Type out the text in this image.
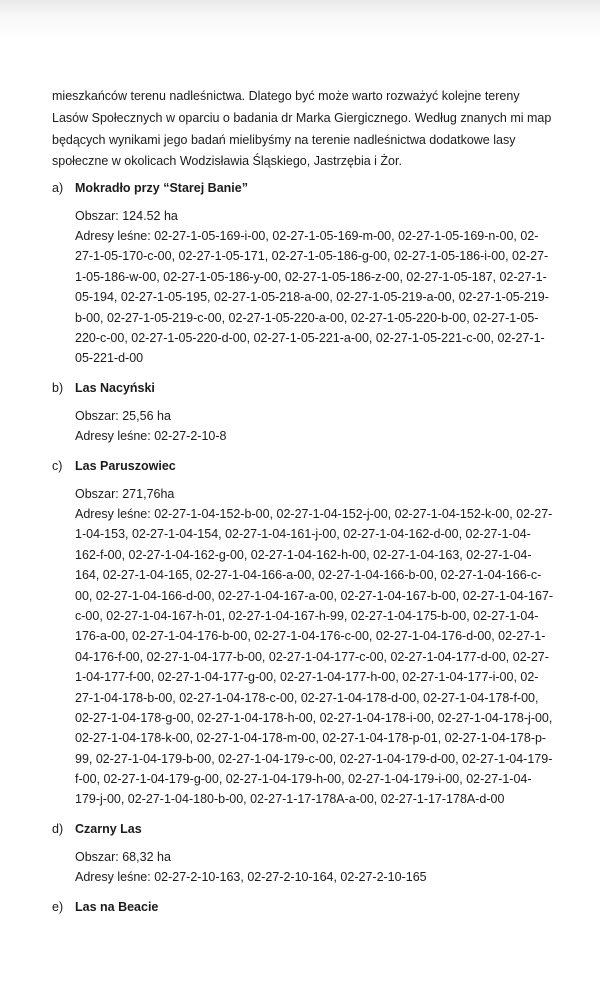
mieszkańców terenu nadleśnictwa. Dlatego być może warto rozważyć kolejne tereny
Lasów Społecznych w oparciu o badania dr Marka Giergicznego. Według znanych mi map
będących wynikami jego badań mielibyśmy na terenie nadleśnictwa dodatkowe lasy
społeczne w okolicach Wodzisławia Śląskiego, Jastrzębia i Żor.
a) Mokradło przy “Starej Banie”
Obszar: 124.52 ha
Adresy leśne: 02-27-1-05-169-i-00, 02-27-1-05-169-m-00, 02-27-1-05-169-n-00, 02-
27-1-05-170-c-00, 02-27-1-05-171, 02-27-1-05-186-g-00, 02-27-1-05-186-i-00, 02-27-
1-05-186-w-00, 02-27-1-05-186-y-00, 02-27-1-05-186-z-00, 02-27-1-05-187, 02-27-1-
05-194, 02-27-1-05-195, 02-27-1-05-218-a-00, 02-27-1-05-219-a-00, 02-27-1-05-219-
b-00, 02-27-1-05-219-c-00, 02-27-1-05-220-a-00, 02-27-1-05-220-b-00, 02-27-1-05-
220-c-00, 02-27-1-05-220-d-00, 02-27-1-05-221-a-00, 02-27-1-05-221-c-00, 02-27-1-
05-221-d-00
b) Las Nacyński
Obszar: 25,56 ha
Adresy leśne: 02-27-2-10-8
c) Las Paruszowiec
Obszar: 271,76ha
Adresy leśne: 02-27-1-04-152-b-00, 02-27-1-04-152-j-00, 02-27-1-04-152-k-00, 02-27-
1-04-153, 02-27-1-04-154, 02-27-1-04-161-j-00, 02-27-1-04-162-d-00, 02-27-1-04-
162-f-00, 02-27-1-04-162-g-00, 02-27-1-04-162-h-00, 02-27-1-04-163, 02-27-1-04-
164, 02-27-1-04-165, 02-27-1-04-166-a-00, 02-27-1-04-166-b-00, 02-27-1-04-166-c-
00, 02-27-1-04-166-d-00, 02-27-1-04-167-a-00, 02-27-1-04-167-b-00, 02-27-1-04-167-
c-00, 02-27-1-04-167-h-01, 02-27-1-04-167-h-99, 02-27-1-04-175-b-00, 02-27-1-04-
176-a-00, 02-27-1-04-176-b-00, 02-27-1-04-176-c-00, 02-27-1-04-176-d-00, 02-27-1-
04-176-f-00, 02-27-1-04-177-b-00, 02-27-1-04-177-c-00, 02-27-1-04-177-d-00, 02-27-
1-04-177-f-00, 02-27-1-04-177-g-00, 02-27-1-04-177-h-00, 02-27-1-04-177-i-00, 02-
27-1-04-178-b-00, 02-27-1-04-178-c-00, 02-27-1-04-178-d-00, 02-27-1-04-178-f-00,
02-27-1-04-178-g-00, 02-27-1-04-178-h-00, 02-27-1-04-178-i-00, 02-27-1-04-178-j-00,
02-27-1-04-178-k-00, 02-27-1-04-178-m-00, 02-27-1-04-178-p-01, 02-27-1-04-178-p-
99, 02-27-1-04-179-b-00, 02-27-1-04-179-c-00, 02-27-1-04-179-d-00, 02-27-1-04-179-
f-00, 02-27-1-04-179-g-00, 02-27-1-04-179-h-00, 02-27-1-04-179-i-00, 02-27-1-04-
179-j-00, 02-27-1-04-180-b-00, 02-27-1-17-178A-a-00, 02-27-1-17-178A-d-00
d) Czarny Las
Obszar: 68,32 ha
Adresy leśne: 02-27-2-10-163, 02-27-2-10-164, 02-27-2-10-165
e) Las na Beacie
